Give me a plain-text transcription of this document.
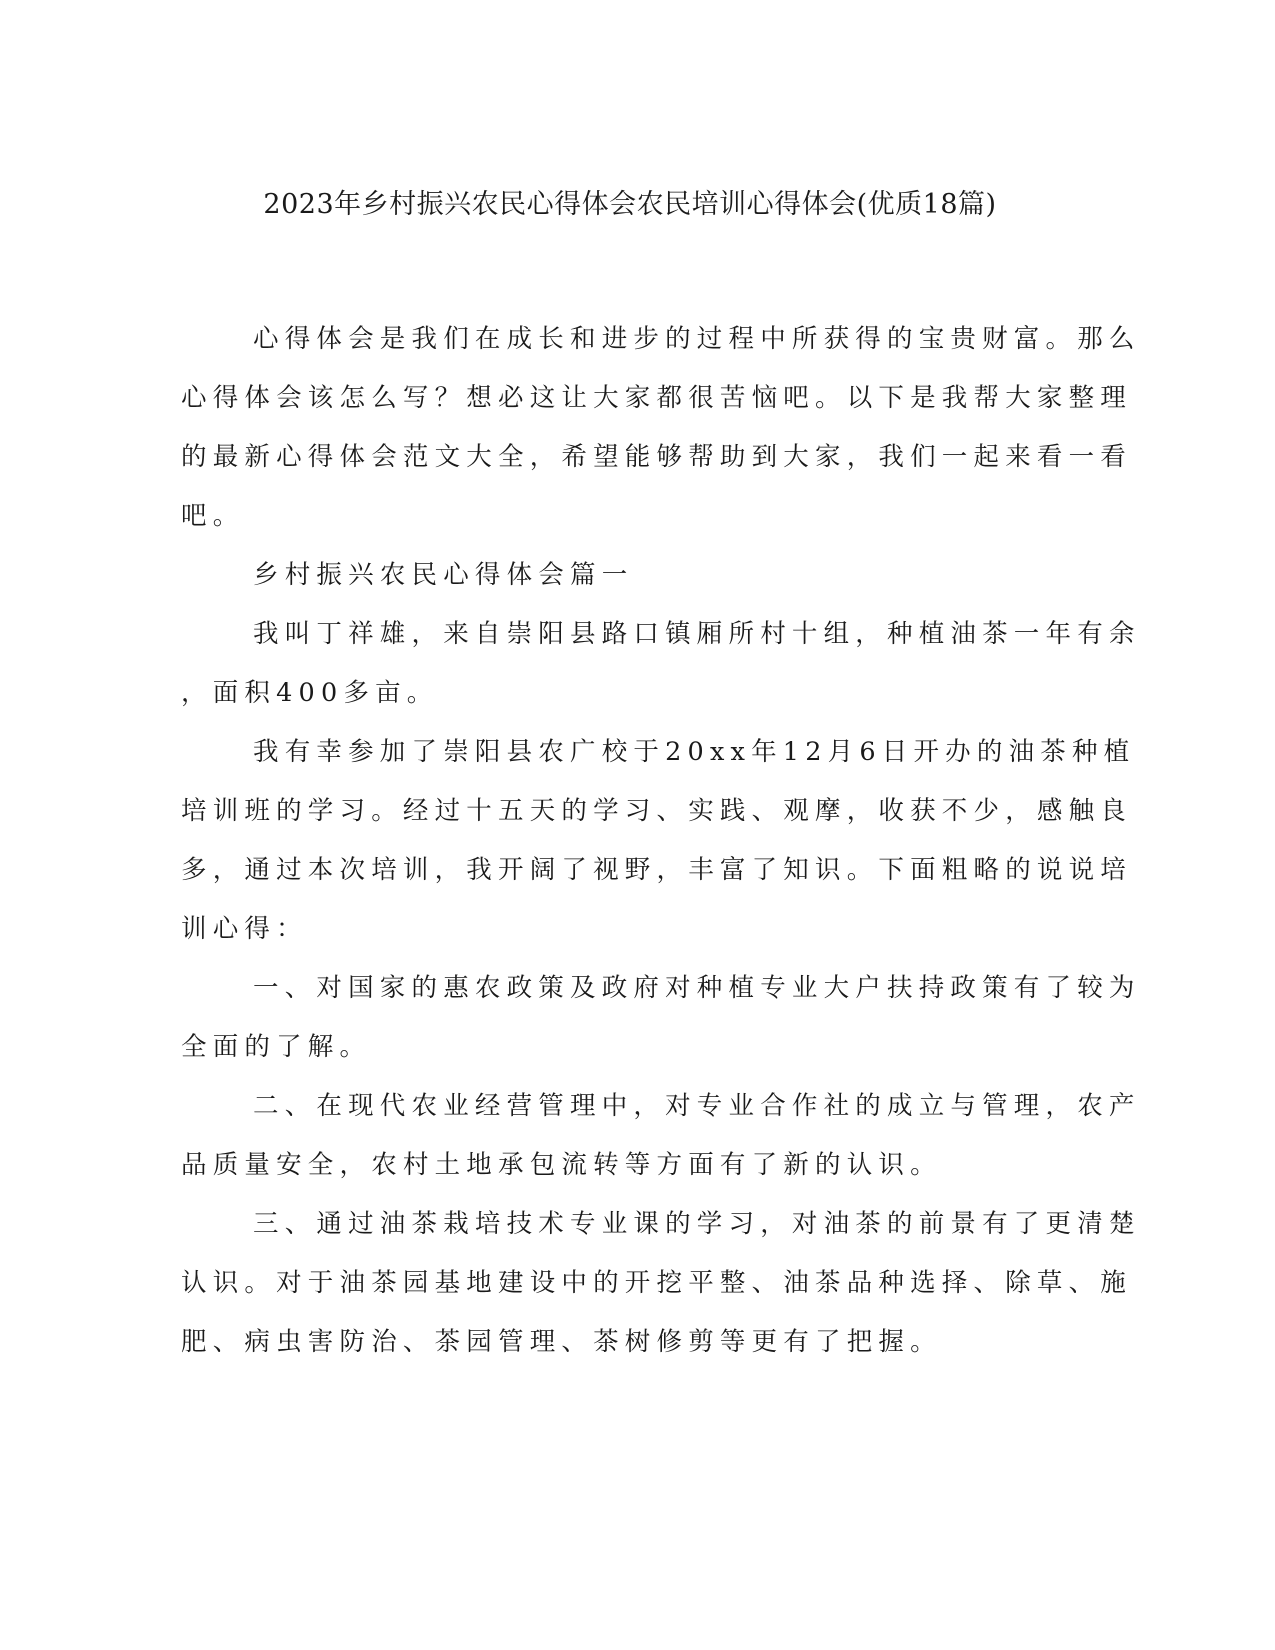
2023年乡村振兴农民心得体会农民培训心得体会(优质18篇)
心得体会是我们在成长和进步的过程中所获得的宝贵财富。那么
心得体会该怎么写？想必这让大家都很苦恼吧。以下是我帮大家整理
的最新心得体会范文大全，希望能够帮助到大家，我们一起来看一看
吧。
乡村振兴农民心得体会篇一
我叫丁祥雄，来自崇阳县路口镇厢所村十组，种植油茶一年有余
，面积400多亩。
我有幸参加了崇阳县农广校于20xx年12月6日开办的油茶种植
培训班的学习。经过十五天的学习、实践、观摩，收获不少，感触良
多，通过本次培训，我开阔了视野，丰富了知识。下面粗略的说说培
训心得：
一、对国家的惠农政策及政府对种植专业大户扶持政策有了较为
全面的了解。
二、在现代农业经营管理中，对专业合作社的成立与管理，农产
品质量安全，农村土地承包流转等方面有了新的认识。
三、通过油茶栽培技术专业课的学习，对油茶的前景有了更清楚
认识。对于油茶园基地建设中的开挖平整、油茶品种选择、除草、施
肥、病虫害防治、茶园管理、茶树修剪等更有了把握。
